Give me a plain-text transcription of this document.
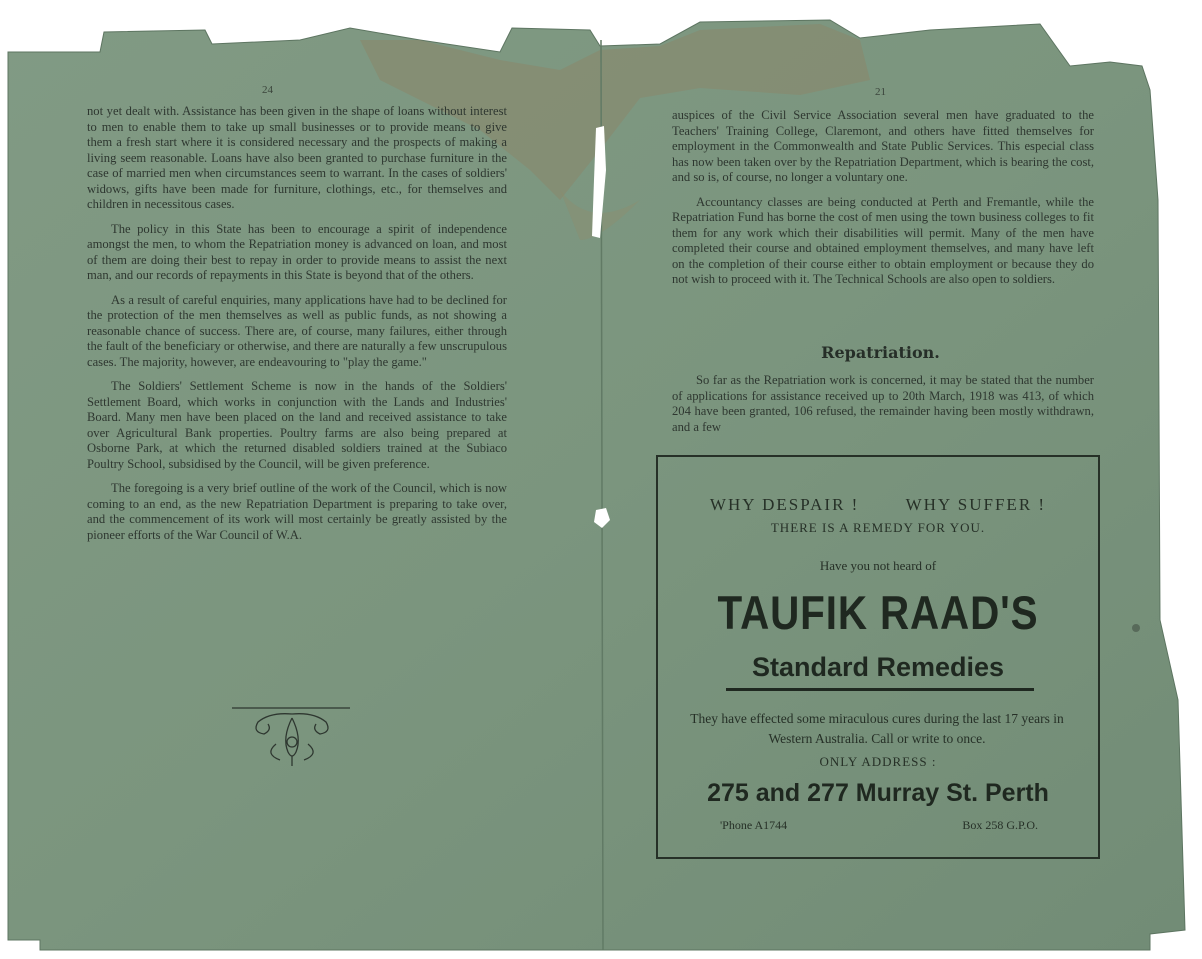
24	21

not yet dealt with. Assistance has been given in the shape of loans without interest to men to enable them to take up small businesses or to provide means to give them a fresh start where it is considered necessary and the prospects of making a living seem reasonable. Loans have also been granted to purchase furniture in the case of married men when circumstances seem to warrant. In the cases of soldiers' widows, gifts have been made for furniture, clothings, etc., for themselves and children in necessitous cases.

The policy in this State has been to encourage a spirit of independence amongst the men, to whom the Repatriation money is advanced on loan, and most of them are doing their best to repay in order to provide means to assist the next man, and our records of repayments in this State is beyond that of the others.

As a result of careful enquiries, many applications have had to be declined for the protection of the men themselves as well as public funds, as not showing a reasonable chance of success. There are, of course, many failures, either through the fault of the beneficiary or otherwise, and there are naturally a few unscrupulous cases. The majority, however, are endeavouring to "play the game."

The Soldiers' Settlement Scheme is now in the hands of the Soldiers' Settlement Board, which works in conjunction with the Lands and Industries' Board. Many men have been placed on the land and received assistance to take over Agricultural Bank properties. Poultry farms are also being prepared at Osborne Park, at which the returned disabled soldiers trained at the Subiaco Poultry School, subsidised by the Council, will be given preference.

The foregoing is a very brief outline of the work of the Council, which is now coming to an end, as the new Repatriation Department is preparing to take over, and the commencement of its work will most certainly be greatly assisted by the pioneer efforts of the War Council of W.A.

auspices of the Civil Service Association several men have graduated to the Teachers' Training College, Claremont, and others have fitted themselves for employment in the Commonwealth and State Public Services. This especial class has now been taken over by the Repatriation Department, which is bearing the cost, and so is, of course, no longer a voluntary one.

Accountancy classes are being conducted at Perth and Fremantle, while the Repatriation Fund has borne the cost of men using the town business colleges to fit them for any work which their disabilities will permit. Many of the men have completed their course and obtained employment themselves, and many have left on the completion of their course either to obtain employment or because they do not wish to proceed with it. The Technical Schools are also open to soldiers.

Repatriation.

So far as the Repatriation work is concerned, it may be stated that the number of applications for assistance received up to 20th March, 1918 was 413, of which 204 have been granted, 106 refused, the remainder having been mostly withdrawn, and a few

WHY DESPAIR !	WHY SUFFER !
THERE IS A REMEDY FOR YOU.
Have you not heard of
TAUFIK RAAD'S
Standard Remedies
They have effected some miraculous cures during the last 17 years in Western Australia. Call or write to once.
ONLY ADDRESS :
275 and 277 Murray St. Perth
'Phone A1744	Box 258 G.P.O.
